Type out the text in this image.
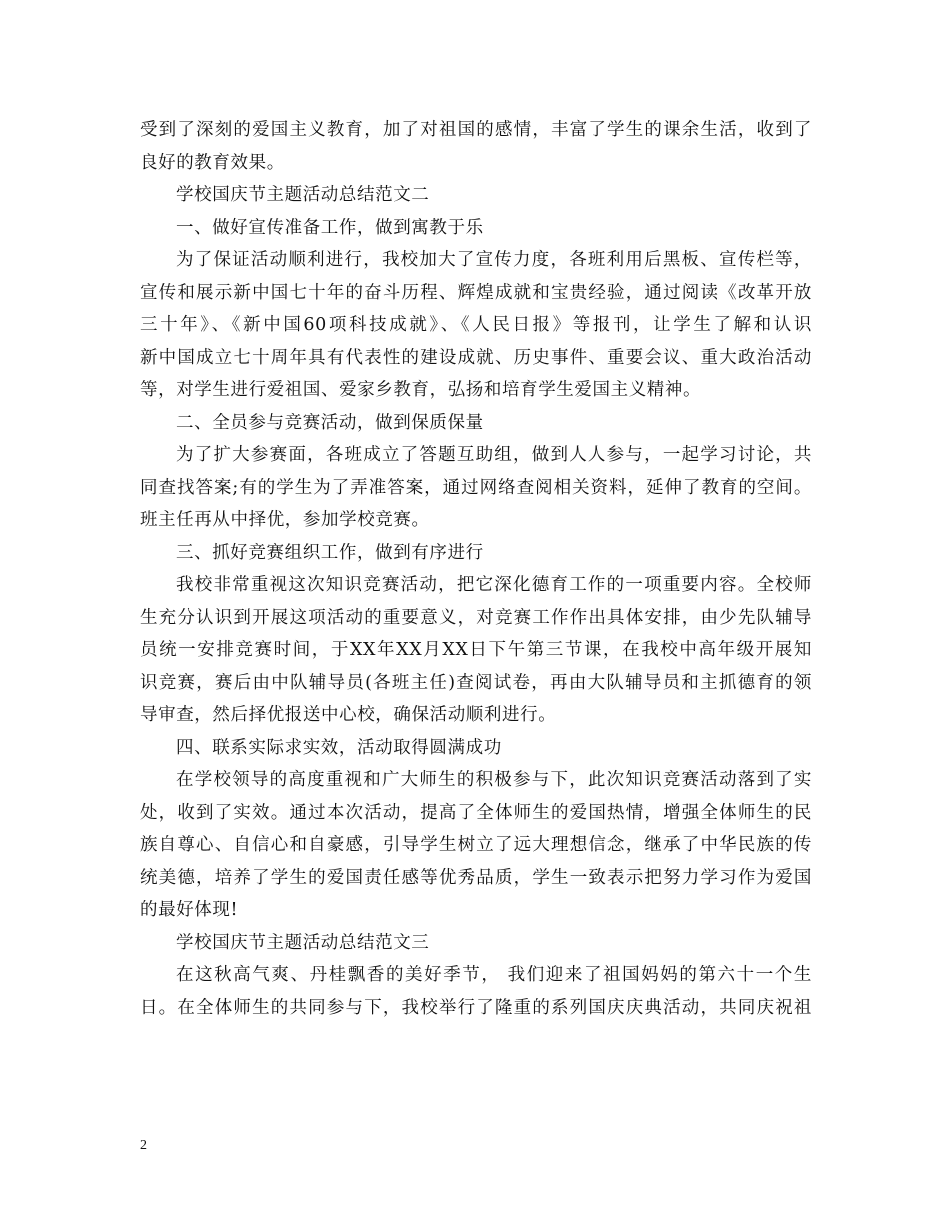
受到了深刻的爱国主义教育，加了对祖国的感情，丰富了学生的课余生活，收到了
良好的教育效果。
学校国庆节主题活动总结范文二
一、做好宣传准备工作，做到寓教于乐
为了保证活动顺利进行，我校加大了宣传力度，各班利用后黑板、宣传栏等，
宣传和展示新中国七十年的奋斗历程、辉煌成就和宝贵经验，通过阅读《改革开放
三十年》、《新中国60项科技成就》、《人民日报》等报刊，让学生了解和认识
新中国成立七十周年具有代表性的建设成就、历史事件、重要会议、重大政治活动
等，对学生进行爱祖国、爱家乡教育，弘扬和培育学生爱国主义精神。
二、全员参与竞赛活动，做到保质保量
为了扩大参赛面，各班成立了答题互助组，做到人人参与，一起学习讨论，共
同查找答案;有的学生为了弄准答案，通过网络查阅相关资料，延伸了教育的空间。
班主任再从中择优，参加学校竞赛。
三、抓好竞赛组织工作，做到有序进行
我校非常重视这次知识竞赛活动，把它深化德育工作的一项重要内容。全校师
生充分认识到开展这项活动的重要意义，对竞赛工作作出具体安排，由少先队辅导
员统一安排竞赛时间，于XX年XX月XX日下午第三节课，在我校中高年级开展知
识竞赛，赛后由中队辅导员(各班主任)查阅试卷，再由大队辅导员和主抓德育的领
导审查，然后择优报送中心校，确保活动顺利进行。
四、联系实际求实效，活动取得圆满成功
在学校领导的高度重视和广大师生的积极参与下，此次知识竞赛活动落到了实
处，收到了实效。通过本次活动，提高了全体师生的爱国热情，增强全体师生的民
族自尊心、自信心和自豪感，引导学生树立了远大理想信念，继承了中华民族的传
统美德，培养了学生的爱国责任感等优秀品质，学生一致表示把努力学习作为爱国
的最好体现!
学校国庆节主题活动总结范文三
在这秋高气爽、丹桂飘香的美好季节， 我们迎来了祖国妈妈的第六十一个生
日。在全体师生的共同参与下，我校举行了隆重的系列国庆庆典活动，共同庆祝祖
2
